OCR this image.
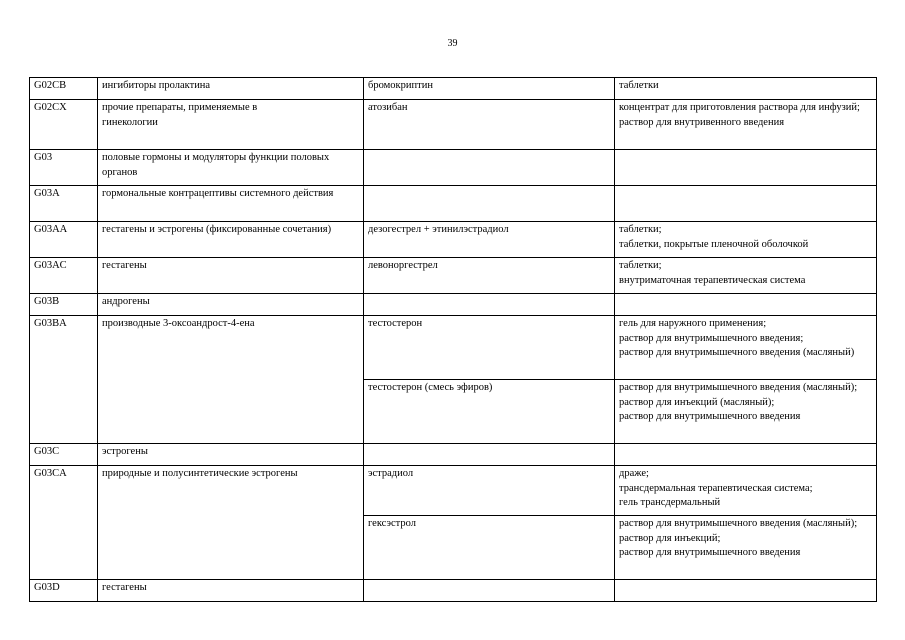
39
G02CB	ингибиторы пролактина	бромокриптин	таблетки

G02CX	прочие препараты, применяемые в гинекологии	атозибан	концентрат для приготовления раствора для инфузий;
раствор для внутривенного введения

G03	половые гормоны и модуляторы функции половых органов		

G03A	гормональные контрацептивы системного действия		

G03AA	гестагены и эстрогены (фиксированные сочетания)	дезогестрел + этинилэстрадиол	таблетки;
таблетки, покрытые пленочной оболочкой

G03AC	гестагены	левоноргестрел	таблетки;
внутриматочная терапевтическая система

G03B	андрогены		
G03BA	производные 3-оксоандрост-4-ена	тестостерон	гель для наружного применения;
раствор для внутримышечного введения;
раствор для внутримышечного введения (масляный)

		тестостерон (смесь эфиров)	раствор для внутримышечного введения (масляный);
раствор для инъекций (масляный);
раствор для внутримышечного введения

G03C	эстрогены		
G03CA	природные и полусинтетические эстрогены	эстрадиол	драже;
трансдермальная терапевтическая система;
гель трансдермальный

		гексэстрол	раствор для внутримышечного введения (масляный);
раствор для инъекций;
раствор для внутримышечного введения

G03D	гестагены		
